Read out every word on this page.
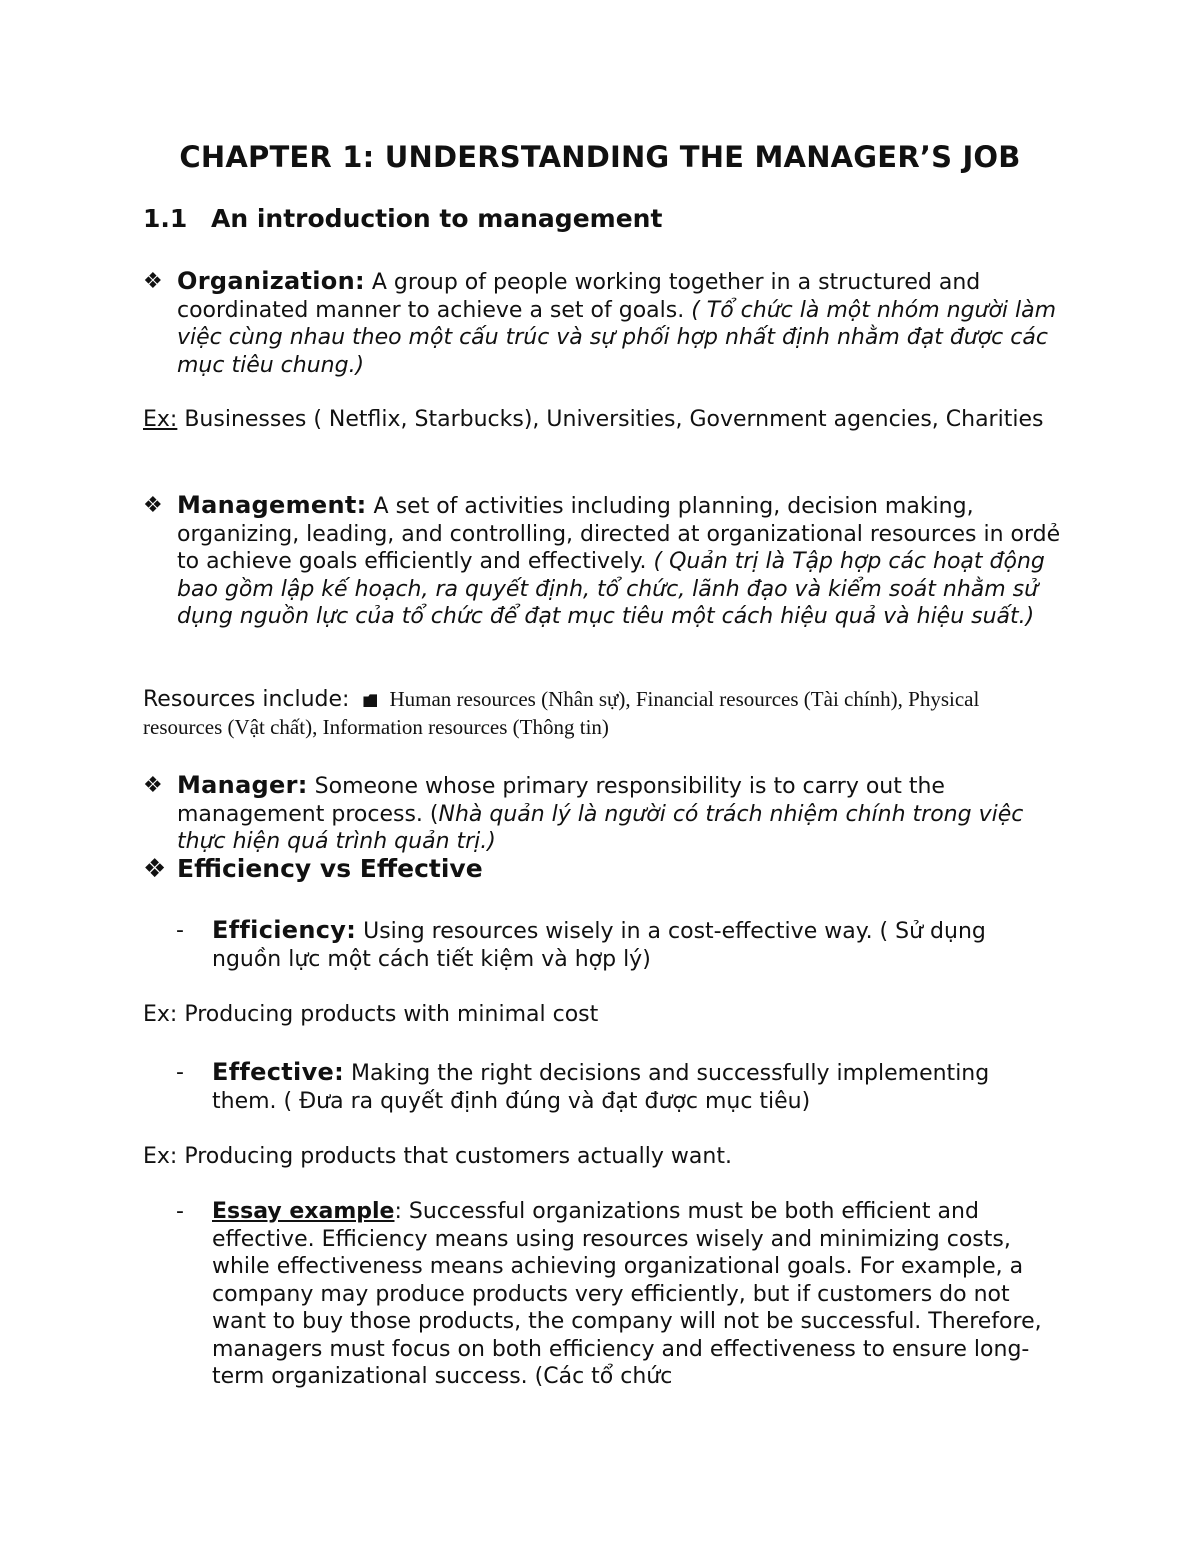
CHAPTER 1: UNDERSTANDING THE MANAGER’S JOB
1.1 An introduction to management
❖ Organization: A group of people working together in a structured and coordinated manner to achieve a set of goals. ( Tổ chức là một nhóm người làm việc cùng nhau theo một cấu trúc và sự phối hợp nhất định nhằm đạt được các mục tiêu chung.)
Ex: Businesses ( Netflix, Starbucks), Universities, Government agencies, Charities
❖ Management: A set of activities including planning, decision making, organizing, leading, and controlling, directed at organizational resources in ordẻ to achieve goals efficiently and effectively. ( Quản trị là Tập hợp các hoạt động bao gồm lập kế hoạch, ra quyết định, tổ chức, lãnh đạo và kiểm soát nhằm sử dụng nguồn lực của tổ chức để đạt mục tiêu một cách hiệu quả và hiệu suất.)
Resources include: Human resources (Nhân sự), Financial resources (Tài chính), Physical resources (Vật chất), Information resources (Thông tin)
❖ Manager: Someone whose primary responsibility is to carry out the management process. (Nhà quản lý là người có trách nhiệm chính trong việc thực hiện quá trình quản trị.)
❖ Efficiency vs Effective
-	Efficiency: Using resources wisely in a cost-effective way. ( Sử dụng nguồn lực một cách tiết kiệm và hợp lý)
Ex: Producing products with minimal cost
-	Effective: Making the right decisions and successfully implementing them. ( Đưa ra quyết định đúng và đạt được mục tiêu)
Ex: Producing products that customers actually want.
-	Essay example: Successful organizations must be both efficient and effective. Efficiency means using resources wisely and minimizing costs, while effectiveness means achieving organizational goals. For example, a company may produce products very efficiently, but if customers do not want to buy those products, the company will not be successful. Therefore, managers must focus on both efficiency and effectiveness to ensure long-term organizational success. (Các tổ chức
